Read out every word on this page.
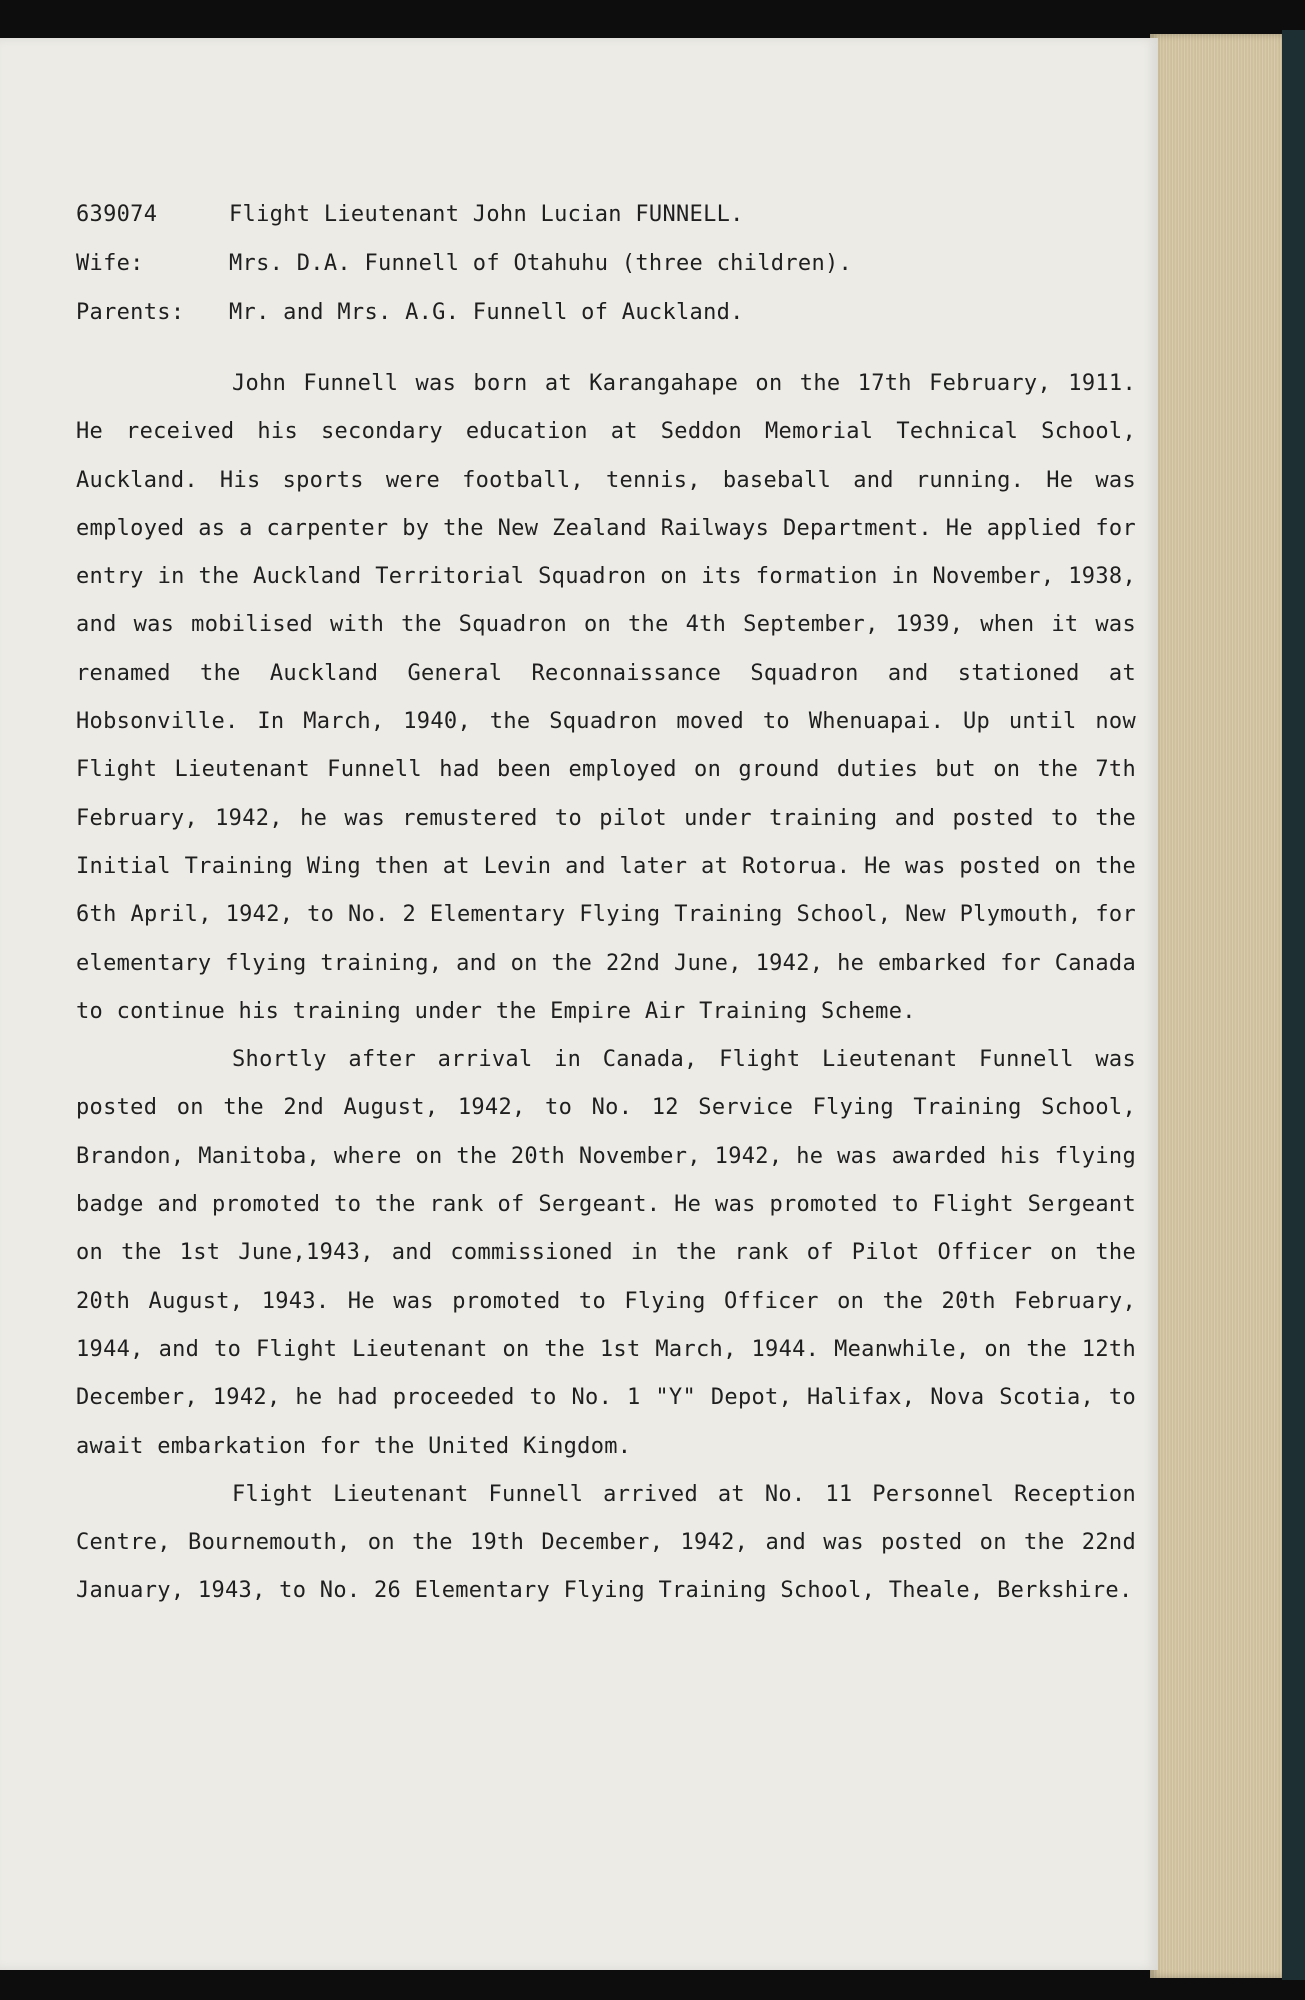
639074	Flight Lieutenant John Lucian FUNNELL.
Wife:	Mrs. D.A. Funnell of Otahuhu (three children).
Parents:	Mr. and Mrs. A.G. Funnell of Auckland.

John Funnell was born at Karangahape on the 17th February, 1911. He received his secondary education at Seddon Memorial Technical School, Auckland. His sports were football, tennis, baseball and running. He was employed as a carpenter by the New Zealand Railways Department. He applied for entry in the Auckland Territorial Squadron on its formation in November, 1938, and was mobilised with the Squadron on the 4th September, 1939, when it was renamed the Auckland General Reconnaissance Squadron and stationed at Hobsonville. In March, 1940, the Squadron moved to Whenuapai. Up until now Flight Lieutenant Funnell had been employed on ground duties but on the 7th February, 1942, he was remustered to pilot under training and posted to the Initial Training Wing then at Levin and later at Rotorua. He was posted on the 6th April, 1942, to No. 2 Elementary Flying Training School, New Plymouth, for elementary flying training, and on the 22nd June, 1942, he embarked for Canada to continue his training under the Empire Air Training Scheme.

Shortly after arrival in Canada, Flight Lieutenant Funnell was posted on the 2nd August, 1942, to No. 12 Service Flying Training School, Brandon, Manitoba, where on the 20th November, 1942, he was awarded his flying badge and promoted to the rank of Sergeant. He was promoted to Flight Sergeant on the 1st June,1943, and commissioned in the rank of Pilot Officer on the 20th August, 1943. He was promoted to Flying Officer on the 20th February, 1944, and to Flight Lieutenant on the 1st March, 1944. Meanwhile, on the 12th December, 1942, he had proceeded to No. 1 "Y" Depot, Halifax, Nova Scotia, to await embarkation for the United Kingdom.

Flight Lieutenant Funnell arrived at No. 11 Personnel Reception Centre, Bournemouth, on the 19th December, 1942, and was posted on the 22nd January, 1943, to No. 26 Elementary Flying Training School, Theale, Berkshire.
